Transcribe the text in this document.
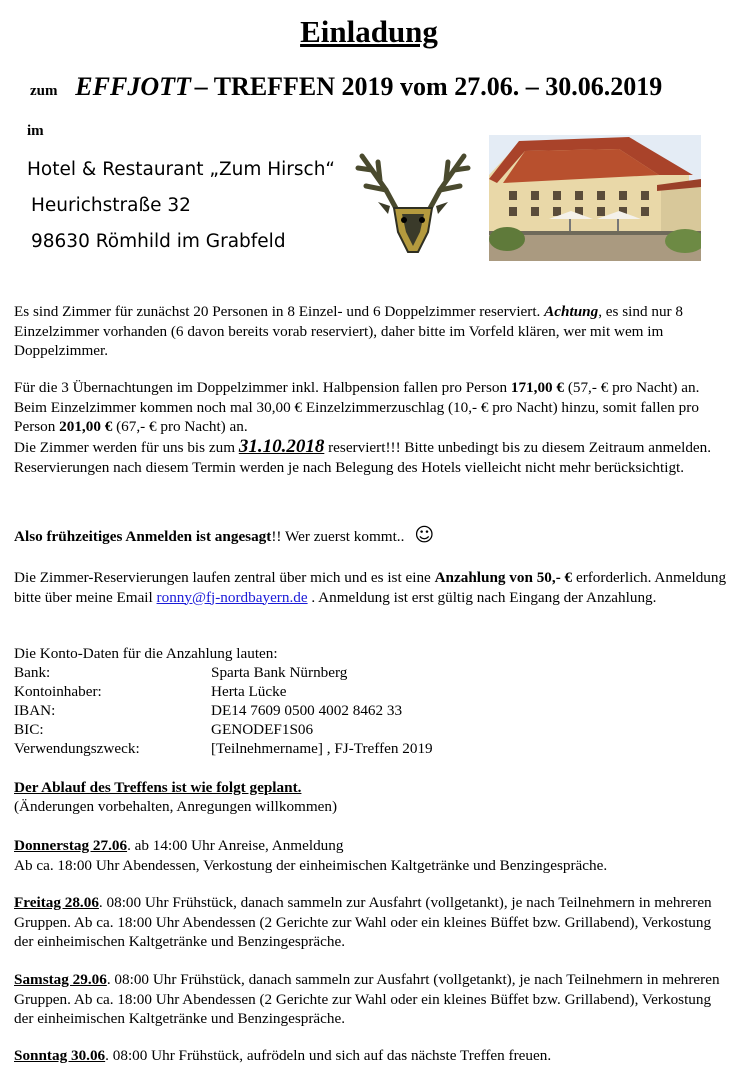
Einladung
zum EFFJOTT – TREFFEN 2019 vom 27.06. – 30.06.2019
im
Hotel & Restaurant „Zum Hirsch“
Heurichstraße 32
98630 Römhild im Grabfeld
Es sind Zimmer für zunächst 20 Personen in 8 Einzel- und 6 Doppelzimmer reserviert. Achtung, es sind nur 8 Einzelzimmer vorhanden (6 davon bereits vorab reserviert), daher bitte im Vorfeld klären, wer mit wem im Doppelzimmer.
Für die 3 Übernachtungen im Doppelzimmer inkl. Halbpension fallen pro Person 171,00 € (57,- € pro Nacht) an. Beim Einzelzimmer kommen noch mal 30,00 € Einzelzimmerzuschlag (10,- € pro Nacht) hinzu, somit fallen pro Person 201,00 € (67,- € pro Nacht) an.
Die Zimmer werden für uns bis zum 31.10.2018 reserviert!!! Bitte unbedingt bis zu diesem Zeitraum anmelden. Reservierungen nach diesem Termin werden je nach Belegung des Hotels vielleicht nicht mehr berücksichtigt.
Also frühzeitiges Anmelden ist angesagt!! Wer zuerst kommt.. ☺
Die Zimmer-Reservierungen laufen zentral über mich und es ist eine Anzahlung von 50,- € erforderlich. Anmeldung bitte über meine Email ronny@fj-nordbayern.de . Anmeldung ist erst gültig nach Eingang der Anzahlung.
Die Konto-Daten für die Anzahlung lauten:
Bank:	Sparta Bank Nürnberg
Kontoinhaber:	Herta Lücke
IBAN:	DE14 7609 0500 4002 8462 33
BIC:	GENODEF1S06
Verwendungszweck:	[Teilnehmername] , FJ-Treffen 2019
Der Ablauf des Treffens ist wie folgt geplant.
(Änderungen vorbehalten, Anregungen willkommen)
Donnerstag 27.06. ab 14:00 Uhr Anreise, Anmeldung
Ab ca. 18:00 Uhr Abendessen, Verkostung der einheimischen Kaltgetränke und Benzingespräche.
Freitag 28.06. 08:00 Uhr Frühstück, danach sammeln zur Ausfahrt (vollgetankt), je nach Teilnehmern in mehreren Gruppen. Ab ca. 18:00 Uhr Abendessen (2 Gerichte zur Wahl oder ein kleines Büffet bzw. Grillabend), Verkostung der einheimischen Kaltgetränke und Benzingespräche.
Samstag 29.06. 08:00 Uhr Frühstück, danach sammeln zur Ausfahrt (vollgetankt), je nach Teilnehmern in mehreren Gruppen. Ab ca. 18:00 Uhr Abendessen (2 Gerichte zur Wahl oder ein kleines Büffet bzw. Grillabend), Verkostung der einheimischen Kaltgetränke und Benzingespräche.
Sonntag 30.06. 08:00 Uhr Frühstück, aufrödeln und sich auf das nächste Treffen freuen.
